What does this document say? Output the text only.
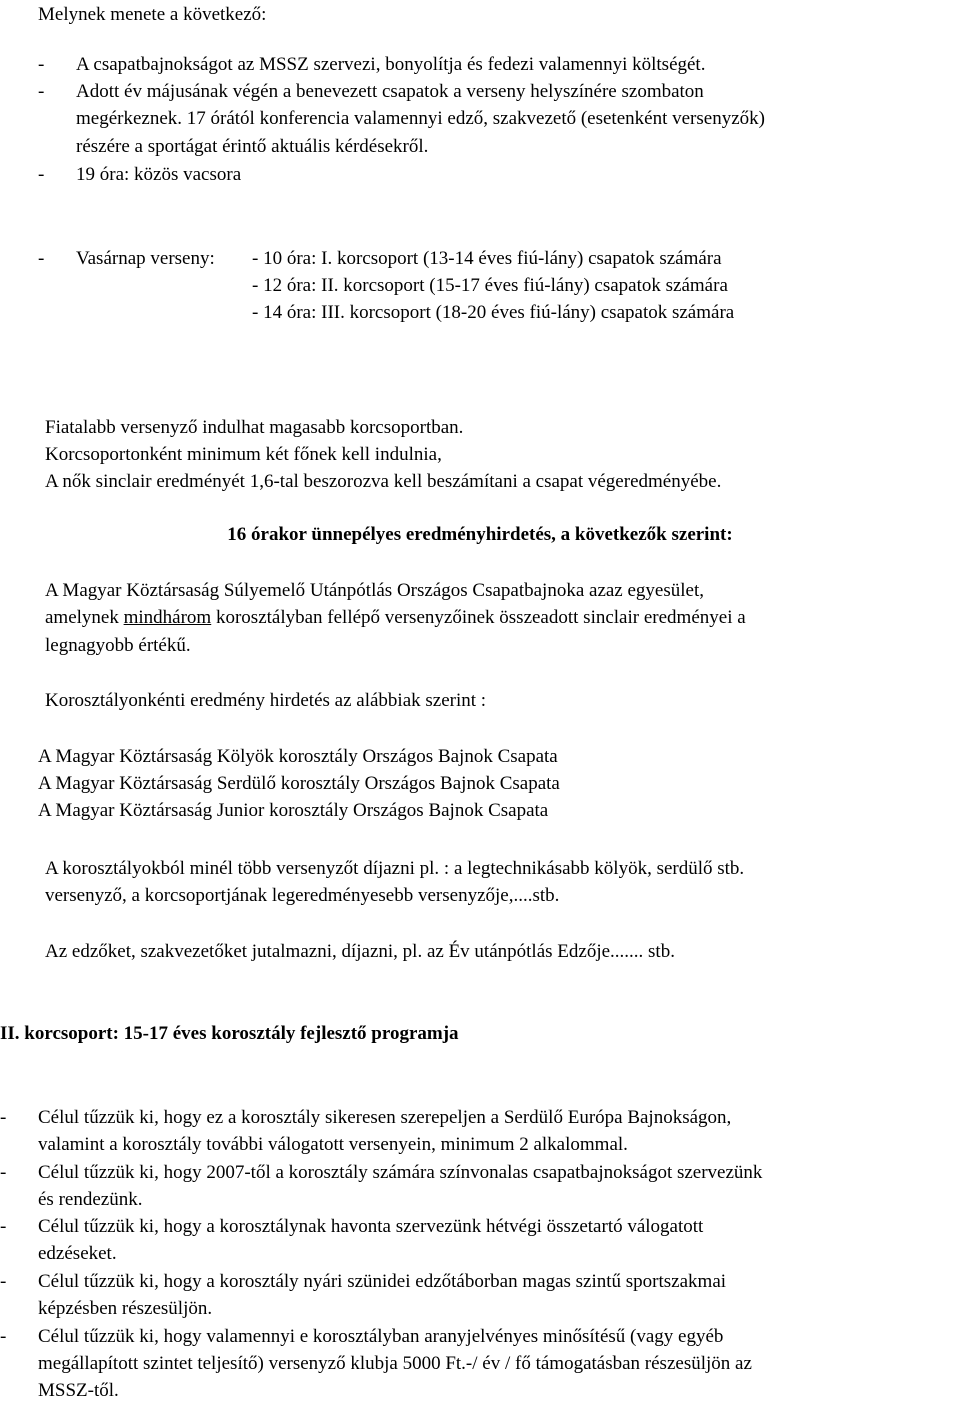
Melynek menete a következő:
- A csapatbajnokságot az MSSZ szervezi, bonyolítja és fedezi valamennyi költségét.
- Adott év májusának végén a benevezett csapatok a verseny helyszínére szombaton
megérkeznek. 17 órától konferencia valamennyi edző, szakvezető (esetenként versenyzők)
részére a sportágat érintő aktuális kérdésekről.
- 19 óra: közös vacsora
- Vasárnap verseny: - 10 óra: I. korcsoport (13-14 éves fiú-lány) csapatok számára
- 12 óra: II. korcsoport (15-17 éves fiú-lány) csapatok számára
- 14 óra: III. korcsoport (18-20 éves fiú-lány) csapatok számára
Fiatalabb versenyző indulhat magasabb korcsoportban.
Korcsoportonként minimum két főnek kell indulnia,
A nők sinclair eredményét 1,6-tal beszorozva kell beszámítani a csapat végeredményébe.
16 órakor ünnepélyes eredményhirdetés, a következők szerint:
A Magyar Köztársaság Súlyemelő Utánpótlás Országos Csapatbajnoka azaz egyesület,
amelynek mindhárom korosztályban fellépő versenyzőinek összeadott sinclair eredményei a
legnagyobb értékű.
Korosztályonkénti eredmény hirdetés az alábbiak szerint :
A Magyar Köztársaság Kölyök korosztály Országos Bajnok Csapata
A Magyar Köztársaság Serdülő korosztály Országos Bajnok Csapata
A Magyar Köztársaság Junior korosztály Országos Bajnok Csapata
A korosztályokból minél több versenyzőt díjazni pl. : a legtechnikásabb kölyök, serdülő stb.
versenyző, a korcsoportjának legeredményesebb versenyzője,....stb.
Az edzőket, szakvezetőket jutalmazni, díjazni, pl. az Év utánpótlás Edzője....... stb.
II. korcsoport: 15-17 éves korosztály fejlesztő programja
- Célul tűzzük ki, hogy ez a korosztály sikeresen szerepeljen a Serdülő Európa Bajnokságon,
valamint a korosztály további válogatott versenyein, minimum 2 alkalommal.
- Célul tűzzük ki, hogy 2007-től a korosztály számára színvonalas csapatbajnokságot szervezünk
és rendezünk.
- Célul tűzzük ki, hogy a korosztálynak havonta szervezünk hétvégi összetartó válogatott
edzéseket.
- Célul tűzzük ki, hogy a korosztály nyári szünidei edzőtáborban magas szintű sportszakmai
képzésben részesüljön.
- Célul tűzzük ki, hogy valamennyi e korosztályban aranyjelvényes minősítésű (vagy egyéb
megállapított szintet teljesítő) versenyző klubja 5000 Ft.-/ év / fő támogatásban részesüljön az
MSSZ-től.
